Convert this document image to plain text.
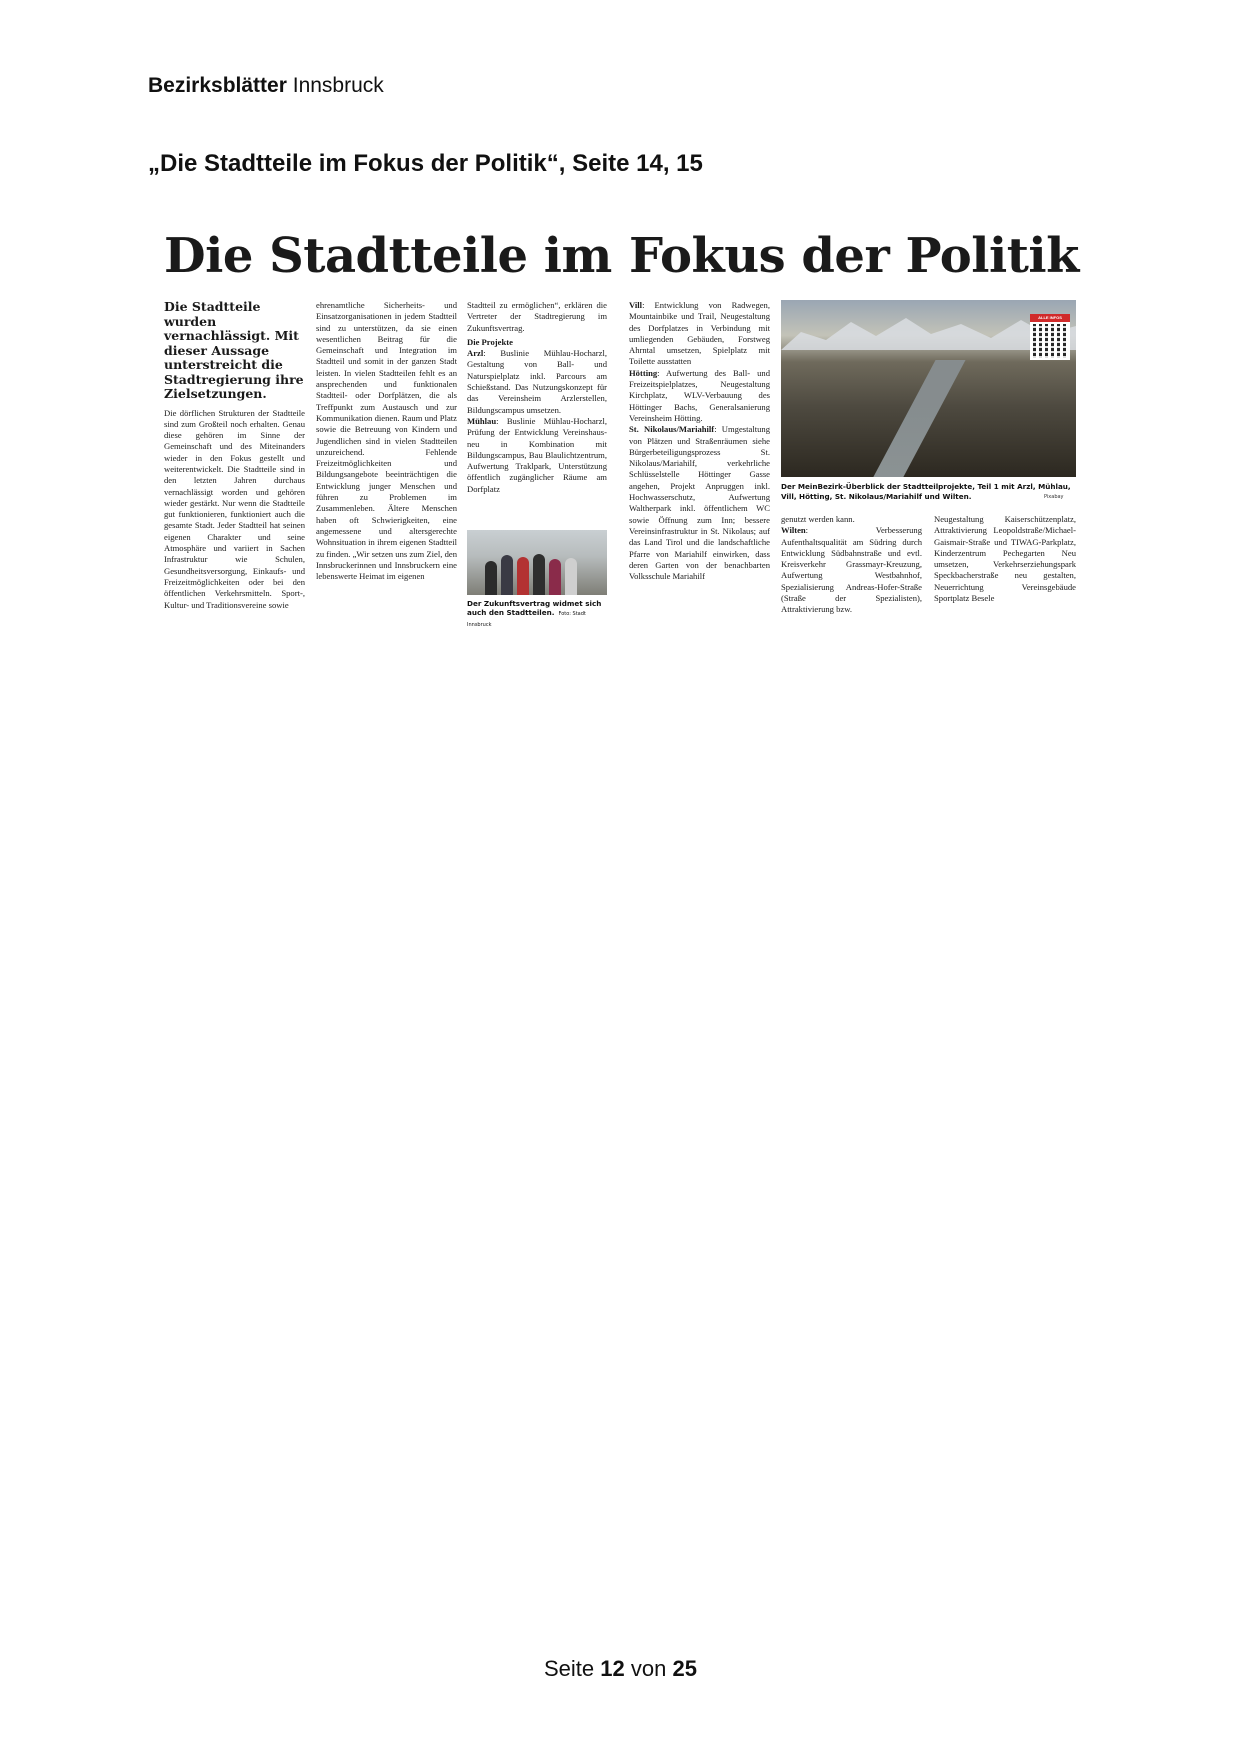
Bezirksblätter Innsbruck
„Die Stadtteile im Fokus der Politik“, Seite 14, 15
Die Stadtteile im Fokus der Politik

Die Stadtteile wurden vernachlässigt. Mit dieser Aussage unterstreicht die Stadtregierung ihre Zielsetzungen.

Die dörflichen Strukturen der Stadtteile sind zum Großteil noch erhalten. Genau diese gehören im Sinne der Gemeinschaft und des Miteinanders wieder in den Fokus gestellt und weiterentwickelt. Die Stadtteile sind in den letzten Jahren durchaus vernachlässigt worden und gehören wieder gestärkt. Nur wenn die Stadtteile gut funktionieren, funktioniert auch die gesamte Stadt. Jeder Stadtteil hat seinen eigenen Charakter und seine Atmosphäre und variiert in Sachen Infrastruktur wie Schulen, Gesundheitsversorgung, Einkaufs- und Freizeitmöglichkeiten oder bei den öffentlichen Verkehrsmitteln. Sport-, Kultur- und Traditionsvereine sowie

ehrenamtliche Sicherheits- und Einsatzorganisationen in jedem Stadtteil sind zu unterstützen, da sie einen wesentlichen Beitrag für die Gemeinschaft und Integration im Stadtteil und somit in der ganzen Stadt leisten. In vielen Stadtteilen fehlt es an ansprechenden und funktionalen Stadtteil- oder Dorfplätzen, die als Treffpunkt zum Austausch und zur Kommunikation dienen. Raum und Platz sowie die Betreuung von Kindern und Jugendlichen sind in vielen Stadtteilen unzureichend. Fehlende Freizeitmöglichkeiten und Bildungsangebote beeinträchtigen die Entwicklung junger Menschen und führen zu Problemen im Zusammenleben. Ältere Menschen haben oft Schwierigkeiten, eine angemessene und altersgerechte Wohnsituation in ihrem eigenen Stadtteil zu finden. „Wir setzen uns zum Ziel, den Innsbruckerinnen und Innsbruckern eine lebenswerte Heimat im eigenen

Stadtteil zu ermöglichen“, erklären die Vertreter der Stadtregierung im Zukunftsvertrag.

Die Projekte

Arzl: Buslinie Mühlau-Hocharzl, Gestaltung von Ball- und Naturspielplatz inkl. Parcours am Schießstand. Das Nutzungskonzept für das Vereinsheim Arzlerstellen, Bildungscampus umsetzen.

Mühlau: Buslinie Mühlau-Hocharzl, Prüfung der Entwicklung Vereinshaus-neu in Kombination mit Bildungscampus, Bau Blaulichtzentrum, Aufwertung Traklpark, Unterstützung öffentlich zugänglicher Räume am Dorfplatz

Der Zukunftsvertrag widmet sich auch den Stadtteilen. Foto: Stadt Innsbruck

Vill: Entwicklung von Radwegen, Mountainbike und Trail, Neugestaltung des Dorfplatzes in Verbindung mit umliegenden Gebäuden, Forstweg Ahrntal umsetzen, Spielplatz mit Toilette ausstatten

Hötting: Aufwertung des Ball- und Freizeitspielplatzes, Neugestaltung Kirchplatz, WLV-Verbauung des Höttinger Bachs, Generalsanierung Vereinsheim Hötting.

St. Nikolaus/Mariahilf: Umgestaltung von Plätzen und Straßenräumen siehe Bürgerbeteiligungsprozess St. Nikolaus/Mariahilf, verkehrliche Schlüsselstelle Höttinger Gasse angehen, Projekt Anpruggen inkl. Hochwasserschutz, Aufwertung Waltherpark inkl. öffentlichem WC sowie Öffnung zum Inn; bessere Vereinsinfrastruktur in St. Nikolaus; auf das Land Tirol und die landschaftliche Pfarre von Mariahilf einwirken, dass deren Garten von der benachbarten Volksschule Mariahilf

ALLE INFOS
Der MeinBezirk-Überblick der Stadtteilprojekte, Teil 1 mit Arzl, Mühlau, Vill, Hötting, St. Nikolaus/Mariahilf und Wilten.	Pixabay

genutzt werden kann.

Wilten: Verbesserung Aufenthaltsqualität am Südring durch Entwicklung Südbahnstraße und evtl. Kreisverkehr Grassmayr-Kreuzung, Aufwertung Westbahnhof, Spezialisierung Andreas-Hofer-Straße (Straße der Spezialisten), Attraktivierung bzw.

Neugestaltung Kaiserschützenplatz, Attraktivierung Leopoldstraße/Michael-Gaismair-Straße und TIWAG-Parkplatz, Kinderzentrum Pechegarten Neu umsetzen, Verkehrserziehungspark Speckbacherstraße neu gestalten, Neuerrichtung Vereinsgebäude Sportplatz Besele

Seite 12 von 25
